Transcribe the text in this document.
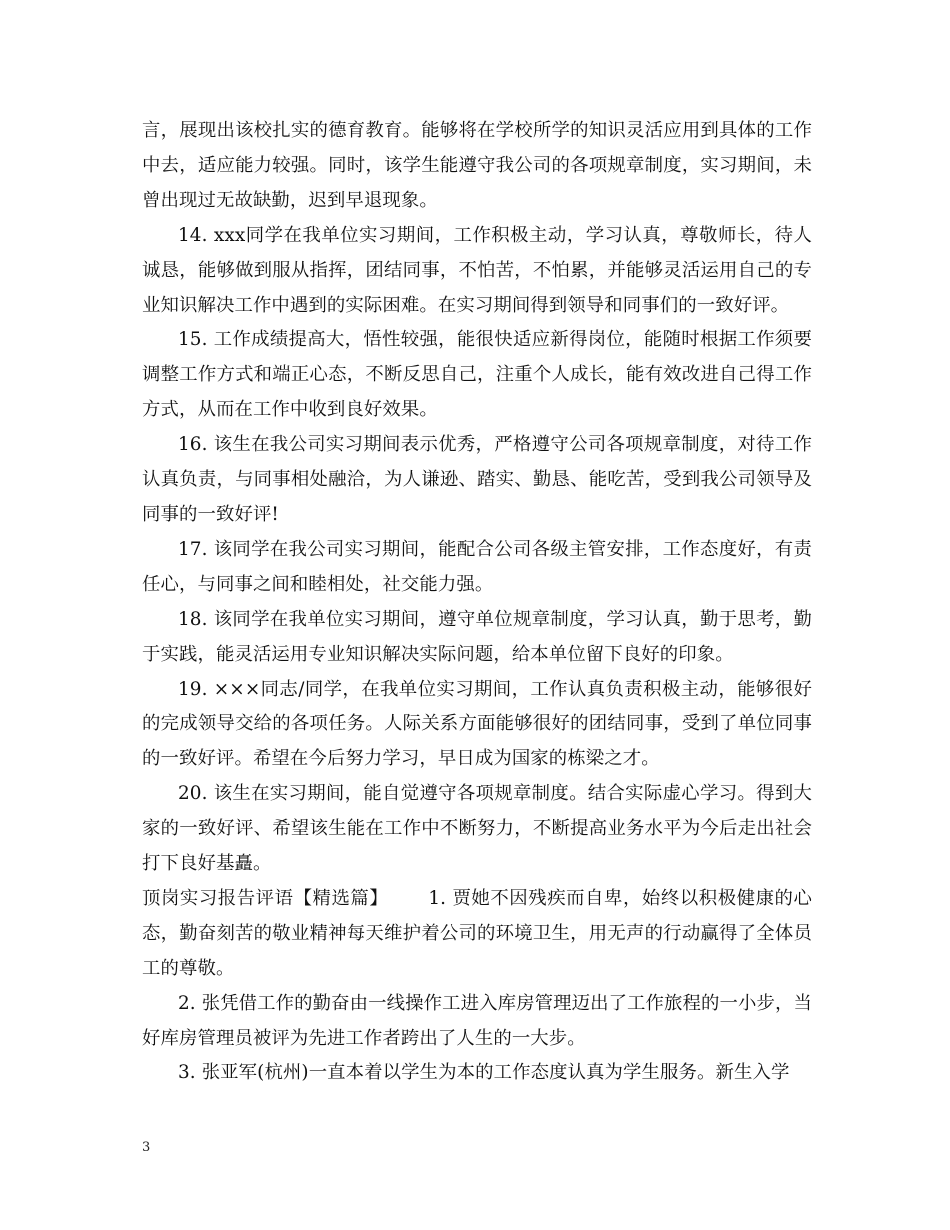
言，展现出该校扎实的德育教育。能够将在学校所学的知识灵活应用到具体的工作中去，适应能力较强。同时，该学生能遵守我公司的各项规章制度，实习期间，未曾出现过无故缺勤，迟到早退现象。

14. xxx同学在我单位实习期间，工作积极主动，学习认真，尊敬师长，待人诚恳，能够做到服从指挥，团结同事，不怕苦，不怕累，并能够灵活运用自己的专业知识解决工作中遇到的实际困难。在实习期间得到领导和同事们的一致好评。

15. 工作成绩提高大，悟性较强，能很快适应新得岗位，能随时根据工作须要调整工作方式和端正心态，不断反思自己，注重个人成长，能有效改进自己得工作方式，从而在工作中收到良好效果。

16. 该生在我公司实习期间表示优秀，严格遵守公司各项规章制度，对待工作认真负责，与同事相处融洽，为人谦逊、踏实、勤恳、能吃苦，受到我公司领导及同事的一致好评!

17. 该同学在我公司实习期间，能配合公司各级主管安排，工作态度好，有责任心，与同事之间和睦相处，社交能力强。

18. 该同学在我单位实习期间，遵守单位规章制度，学习认真，勤于思考，勤于实践，能灵活运用专业知识解决实际问题，给本单位留下良好的印象。

19. ×××同志/同学，在我单位实习期间，工作认真负责积极主动，能够很好的完成领导交给的各项任务。人际关系方面能够很好的团结同事，受到了单位同事的一致好评。希望在今后努力学习，早日成为国家的栋梁之才。

20. 该生在实习期间，能自觉遵守各项规章制度。结合实际虚心学习。得到大家的一致好评、希望该生能在工作中不断努力，不断提高业务水平为今后走出社会打下良好基矗。

顶岗实习报告评语【精选篇】 1. 贾她不因残疾而自卑，始终以积极健康的心态，勤奋刻苦的敬业精神每天维护着公司的环境卫生，用无声的行动赢得了全体员工的尊敬。

2. 张凭借工作的勤奋由一线操作工进入库房管理迈出了工作旅程的一小步，当好库房管理员被评为先进工作者跨出了人生的一大步。

3. 张亚军(杭州)一直本着以学生为本的工作态度认真为学生服务。新生入学

3
